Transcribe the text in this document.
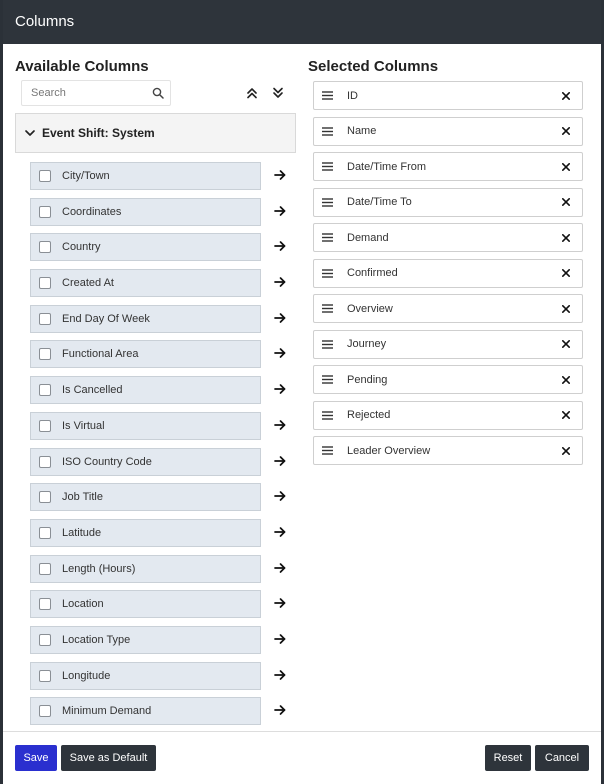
Columns
Available Columns	Selected Columns
Search
Event Shift: System
City/Town
Coordinates
Country
Created At
End Day Of Week
Functional Area
Is Cancelled
Is Virtual
ISO Country Code
Job Title
Latitude
Length (Hours)
Location
Location Type
Longitude
Minimum Demand
ID
Name
Date/Time From
Date/Time To
Demand
Confirmed
Overview
Journey
Pending
Rejected
Leader Overview
Save	Save as Default	Reset	Cancel
